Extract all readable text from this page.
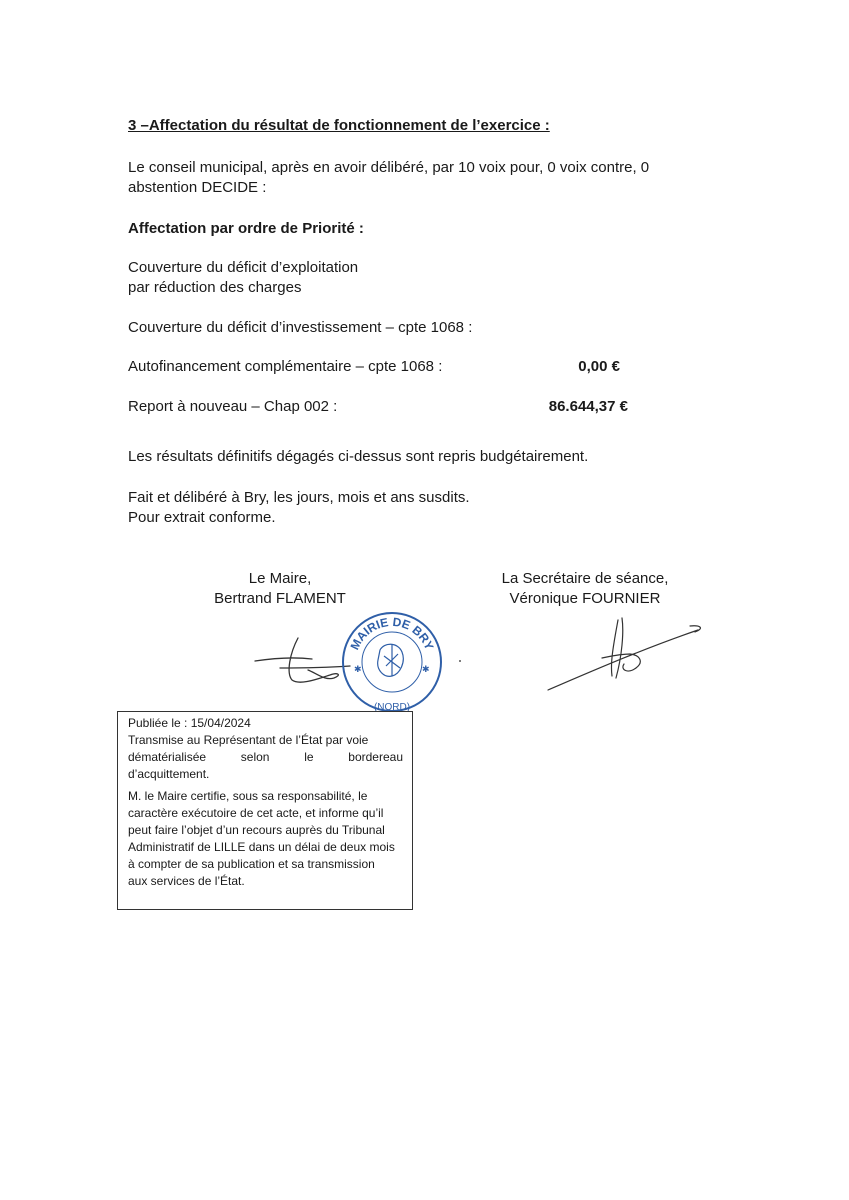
3 –Affectation du résultat de fonctionnement de l’exercice :
Le conseil municipal, après en avoir délibéré, par 10 voix pour, 0 voix contre, 0
abstention DECIDE :
Affectation par ordre de Priorité :
Couverture du déficit d’exploitation
par réduction des charges
Couverture du déficit d’investissement – cpte 1068 :
Autofinancement complémentaire – cpte 1068 :	0,00 €
Report à nouveau – Chap 002 :	86.644,37 €
Les résultats définitifs dégagés ci-dessus sont repris budgétairement.
Fait et délibéré à Bry, les jours, mois et ans susdits.
Pour extrait conforme.
Le Maire,
Bertrand FLAMENT
La Secrétaire de séance,
Véronique FOURNIER
MAIRIE DE BRY
(NORD)
✱	✱

Publiée le : 15/04/2024

Transmise au Représentant de l’État par voie

dématérialisée selon le bordereau

d’acquittement.

M. le Maire certifie, sous sa responsabilité, le

caractère exécutoire de cet acte, et informe qu’il

peut faire l’objet d’un recours auprès du Tribunal

Administratif de LILLE dans un délai de deux mois

à compter de sa publication et sa transmission

aux services de l’État.
